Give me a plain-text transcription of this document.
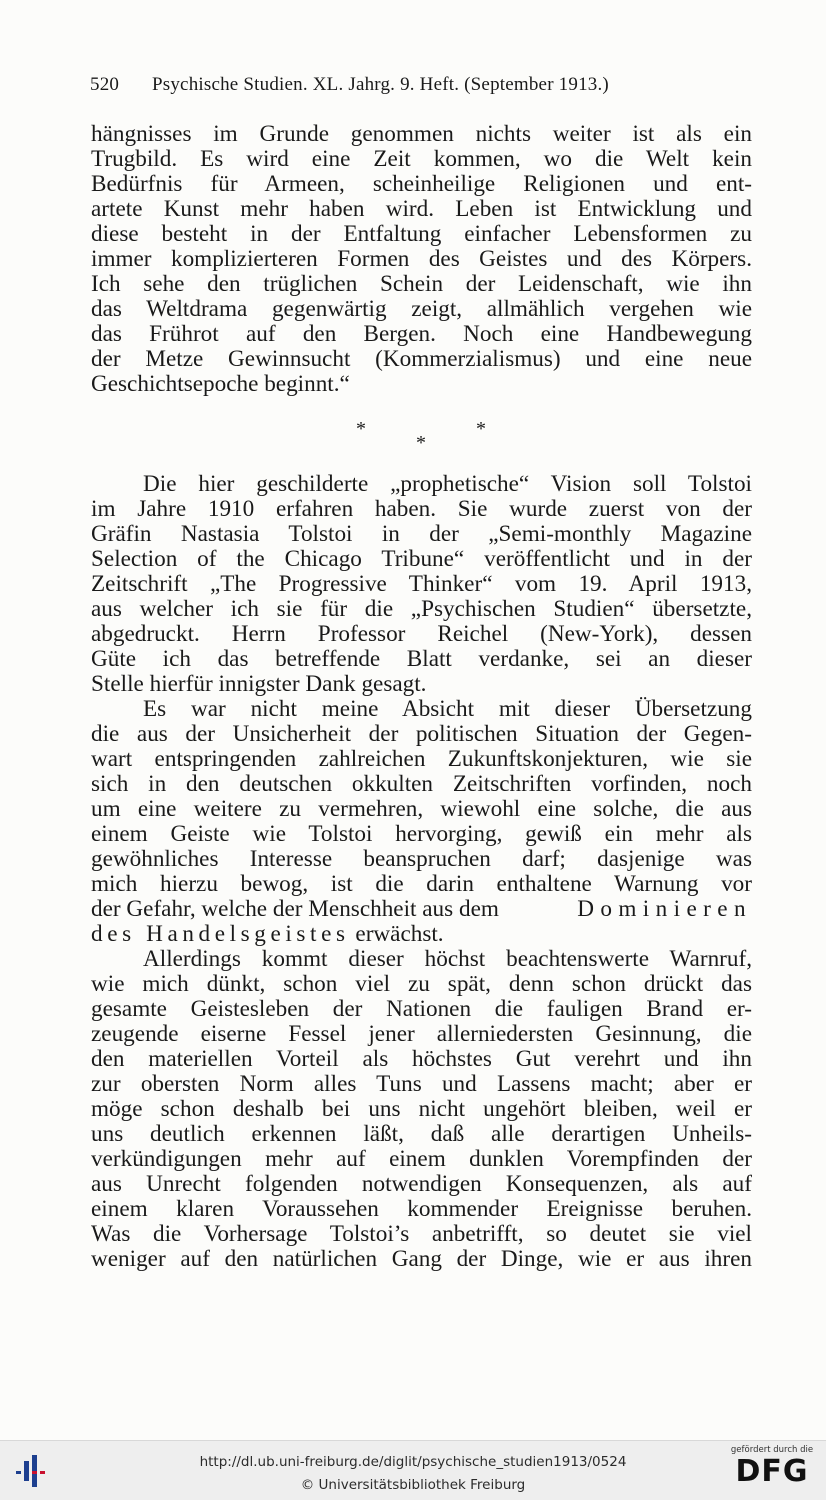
520	Psychische Studien. XL. Jahrg. 9. Heft. (September 1913.)
hängnisses im Grunde genommen nichts weiter ist als ein
Trugbild. Es wird eine Zeit kommen, wo die Welt kein
Bedürfnis für Armeen, scheinheilige Religionen und ent-
artete Kunst mehr haben wird. Leben ist Entwicklung und
diese besteht in der Entfaltung einfacher Lebensformen zu
immer komplizierteren Formen des Geistes und des Körpers.
Ich sehe den trüglichen Schein der Leidenschaft, wie ihn
das Weltdrama gegenwärtig zeigt, allmählich vergehen wie
das Frührot auf den Bergen. Noch eine Handbewegung
der Metze Gewinnsucht (Kommerzialismus) und eine neue
Geschichtsepoche beginnt.“
*
*
*
Die hier geschilderte „prophetische“ Vision soll Tolstoi
im Jahre 1910 erfahren haben. Sie wurde zuerst von der
Gräfin Nastasia Tolstoi in der „Semi-monthly Magazine
Selection of the Chicago Tribune“ veröffentlicht und in der
Zeitschrift „The Progressive Thinker“ vom 19. April 1913,
aus welcher ich sie für die „Psychischen Studien“ übersetzte,
abgedruckt. Herrn Professor Reichel (New-York), dessen
Güte ich das betreffende Blatt verdanke, sei an dieser
Stelle hierfür innigster Dank gesagt.
Es war nicht meine Absicht mit dieser Übersetzung
die aus der Unsicherheit der politischen Situation der Gegen-
wart entspringenden zahlreichen Zukunftskonjekturen, wie sie
sich in den deutschen okkulten Zeitschriften vorfinden, noch
um eine weitere zu vermehren, wiewohl eine solche, die aus
einem Geiste wie Tolstoi hervorging, gewiß ein mehr als
gewöhnliches Interesse beanspruchen darf; dasjenige was
mich hierzu bewog, ist die darin enthaltene Warnung vor
der Gefahr, welche der Menschheit aus dem	Dominieren
des Handelsgeistes erwächst.
Allerdings kommt dieser höchst beachtenswerte Warnruf,
wie mich dünkt, schon viel zu spät, denn schon drückt das
gesamte Geistesleben der Nationen die fauligen Brand er-
zeugende eiserne Fessel jener allerniedersten Gesinnung, die
den materiellen Vorteil als höchstes Gut verehrt und ihn
zur obersten Norm alles Tuns und Lassens macht; aber er
möge schon deshalb bei uns nicht ungehört bleiben, weil er
uns deutlich erkennen läßt, daß alle derartigen Unheils-
verkündigungen mehr auf einem dunklen Vorempfinden der
aus Unrecht folgenden notwendigen Konsequenzen, als auf
einem klaren Voraussehen kommender Ereignisse beruhen.
Was die Vorhersage Tolstoi’s anbetrifft, so deutet sie viel
weniger auf den natürlichen Gang der Dinge, wie er aus ihren
http://dl.ub.uni-freiburg.de/diglit/psychische_studien1913/0524
© Universitätsbibliothek Freiburg
gefördert durch die
DFG
